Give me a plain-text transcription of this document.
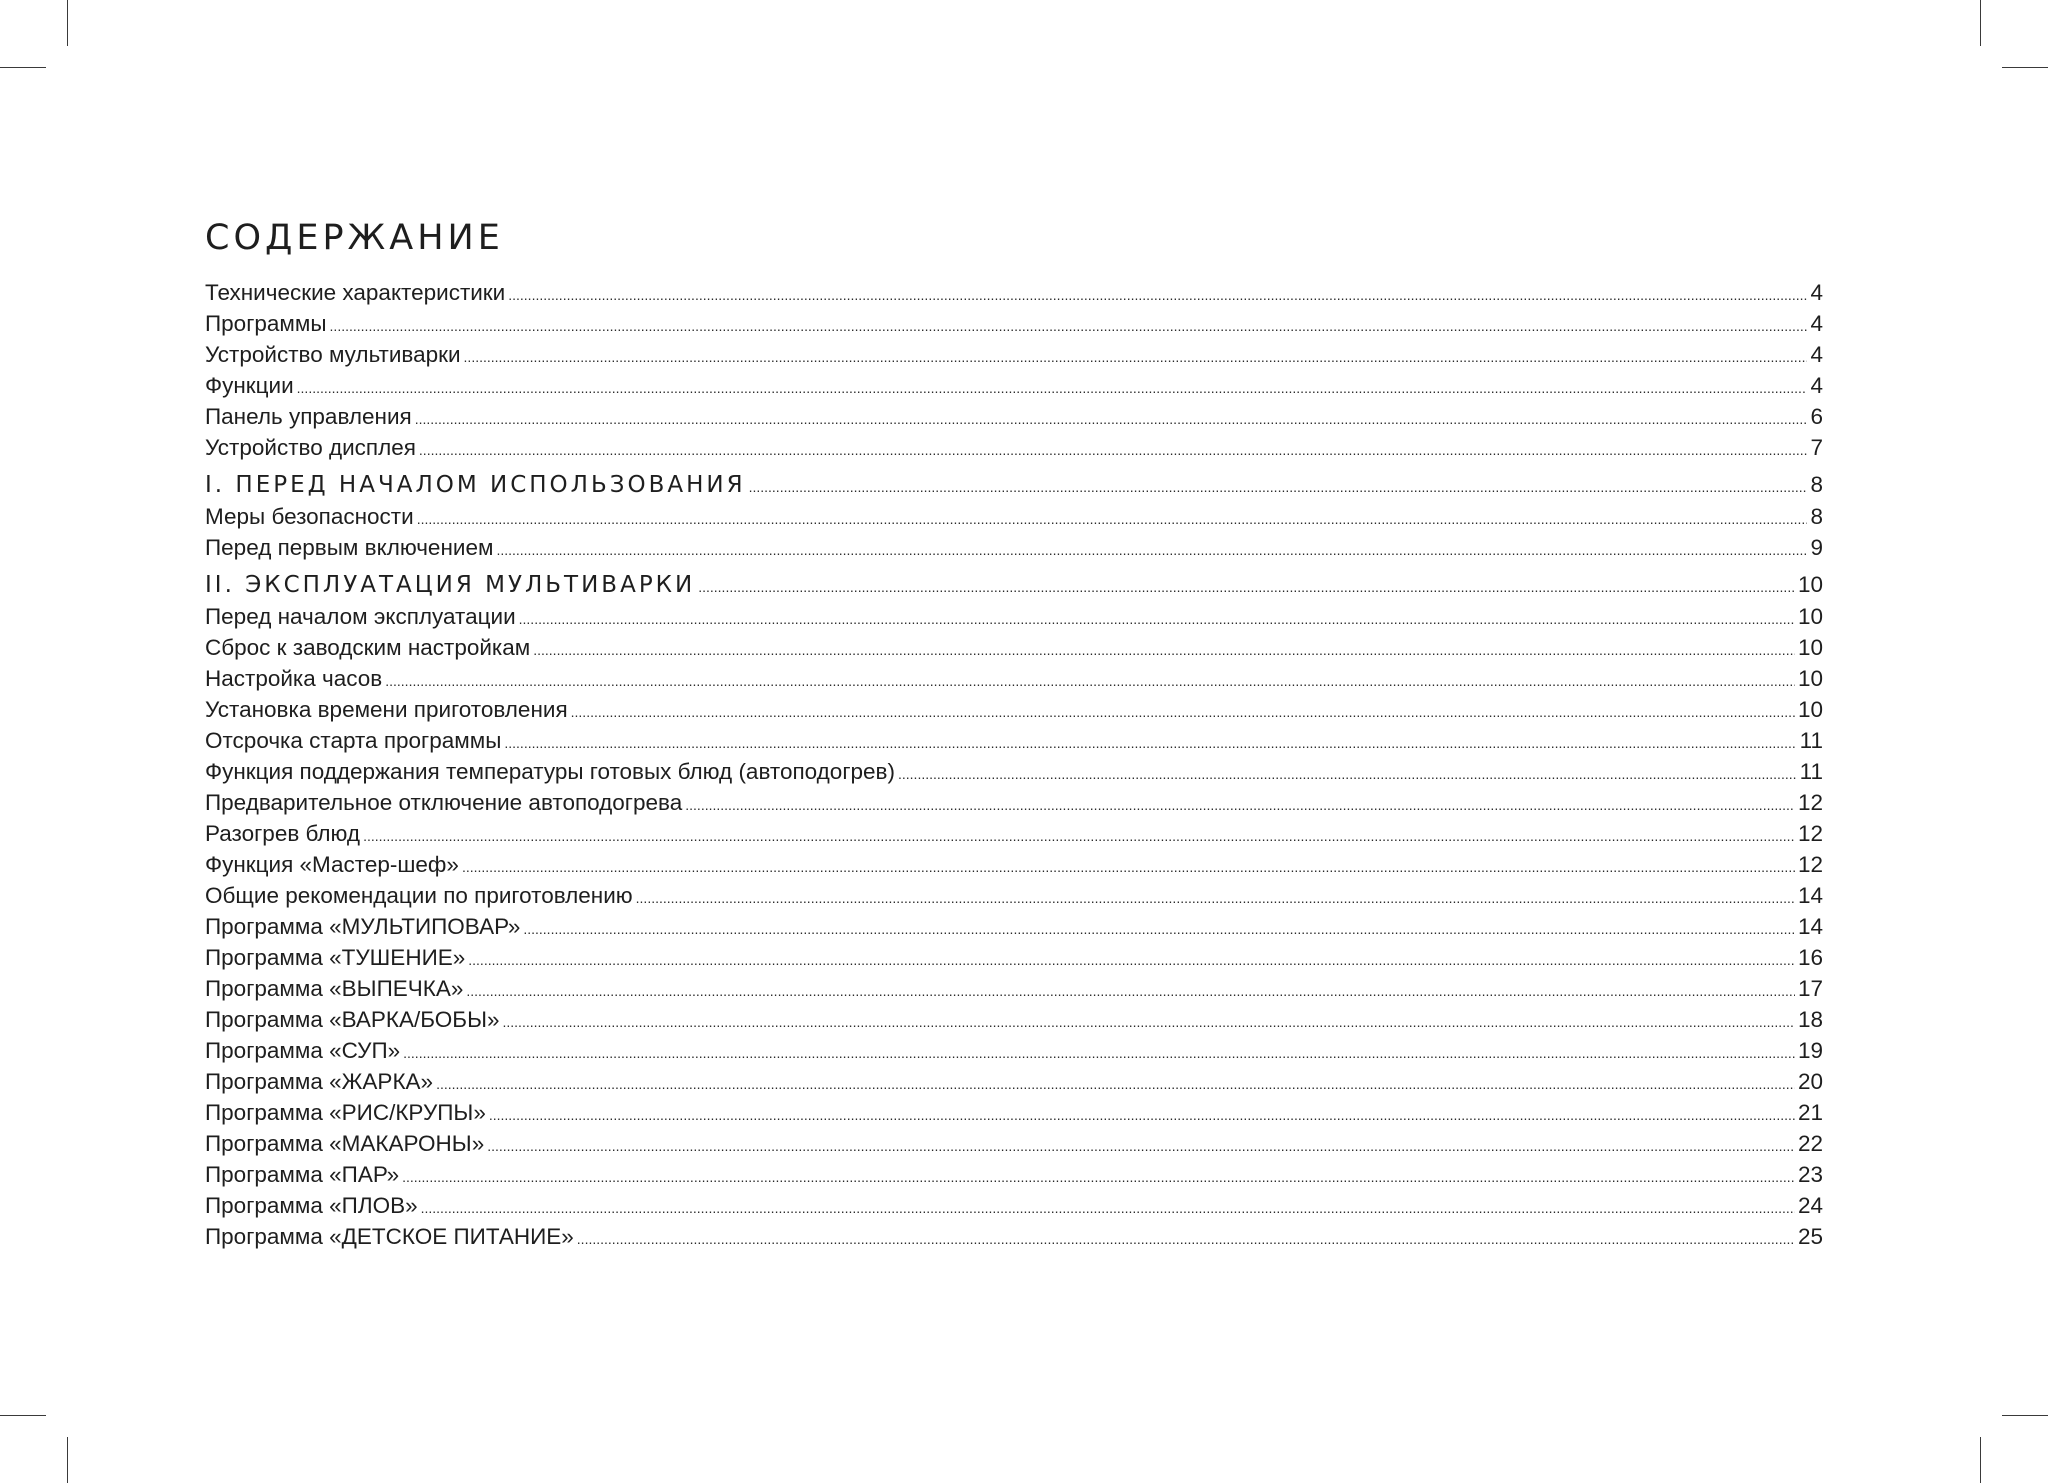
СОДЕРЖАНИЕ
Технические характеристики .....	4
Программы .....	4
Устройство мультиварки .....	4
Функции .....	4
Панель управления .....	6
Устройство дисплея .....	7
I. ПЕРЕД НАЧАЛОМ ИСПОЛЬЗОВАНИЯ .....	8
Меры безопасности .....	8
Перед первым включением .....	9
II. ЭКСПЛУАТАЦИЯ МУЛЬТИВАРКИ .....	10
Перед началом эксплуатации .....	10
Сброс к заводским настройкам .....	10
Настройка часов .....	10
Установка времени приготовления .....	10
Отсрочка старта программы .....	11
Функция поддержания температуры готовых блюд (автоподогрев) .....	11
Предварительное отключение автоподогрева .....	12
Разогрев блюд .....	12
Функция «Мастер-шеф» .....	12
Общие рекомендации по приготовлению .....	14
Программа «МУЛЬТИПОВАР» .....	14
Программа «ТУШЕНИЕ» .....	16
Программа «ВЫПЕЧКА» .....	17
Программа «ВАРКА/БОБЫ» .....	18
Программа «СУП» .....	19
Программа «ЖАРКА» .....	20
Программа «РИС/КРУПЫ» .....	21
Программа «МАКАРОНЫ» .....	22
Программа «ПАР» .....	23
Программа «ПЛОВ» .....	24
Программа «ДЕТСКОЕ ПИТАНИЕ» .....	25
